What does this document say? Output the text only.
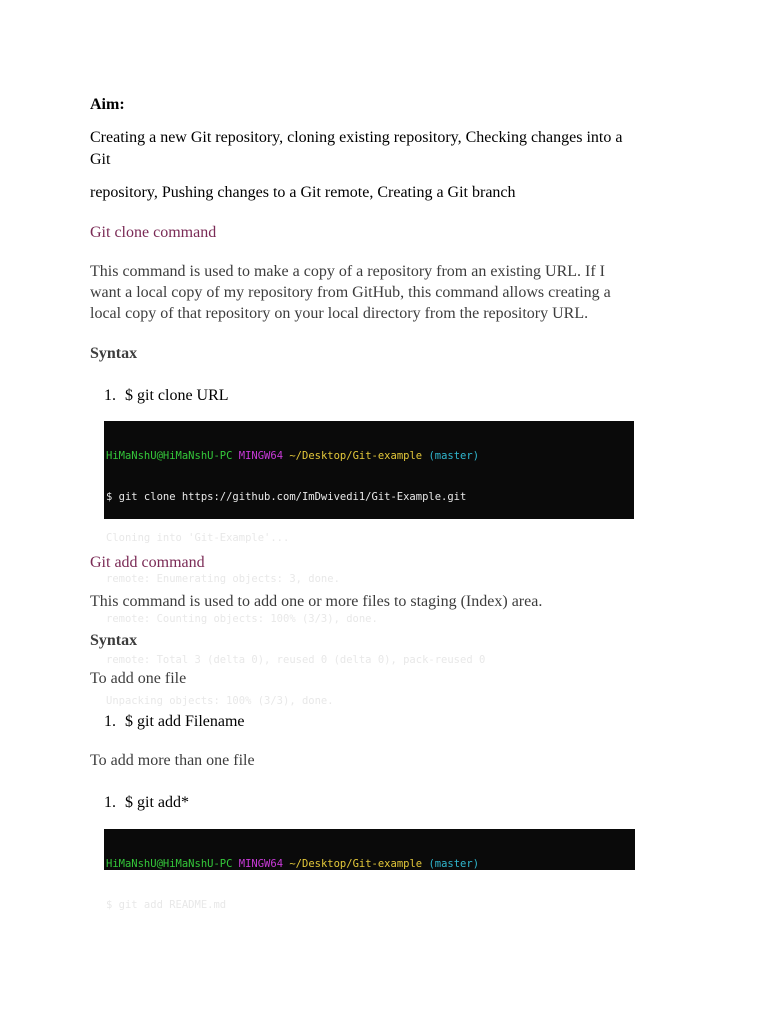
Aim:
Creating a new Git repository, cloning existing repository, Checking changes into a
Git
repository, Pushing changes to a Git remote, Creating a Git branch
Git clone command
This command is used to make a copy of a repository from an existing URL. If I
want a local copy of my repository from GitHub, this command allows creating a
local copy of that repository on your local directory from the repository URL.
Syntax
1. $ git clone URL

HiMaNshU@HiMaNshU-PC MINGW64 ~/Desktop/Git-example (master)

$ git clone https://github.com/ImDwivedi1/Git-Example.git

Cloning into 'Git-Example'...

remote: Enumerating objects: 3, done.

remote: Counting objects: 100% (3/3), done.

remote: Total 3 (delta 0), reused 0 (delta 0), pack-reused 0

Unpacking objects: 100% (3/3), done.

Git add command
This command is used to add one or more files to staging (Index) area.
Syntax
To add one file
1. $ git add Filename
To add more than one file
1. $ git add*

HiMaNshU@HiMaNshU-PC MINGW64 ~/Desktop/Git-example (master)

$ git add README.md
